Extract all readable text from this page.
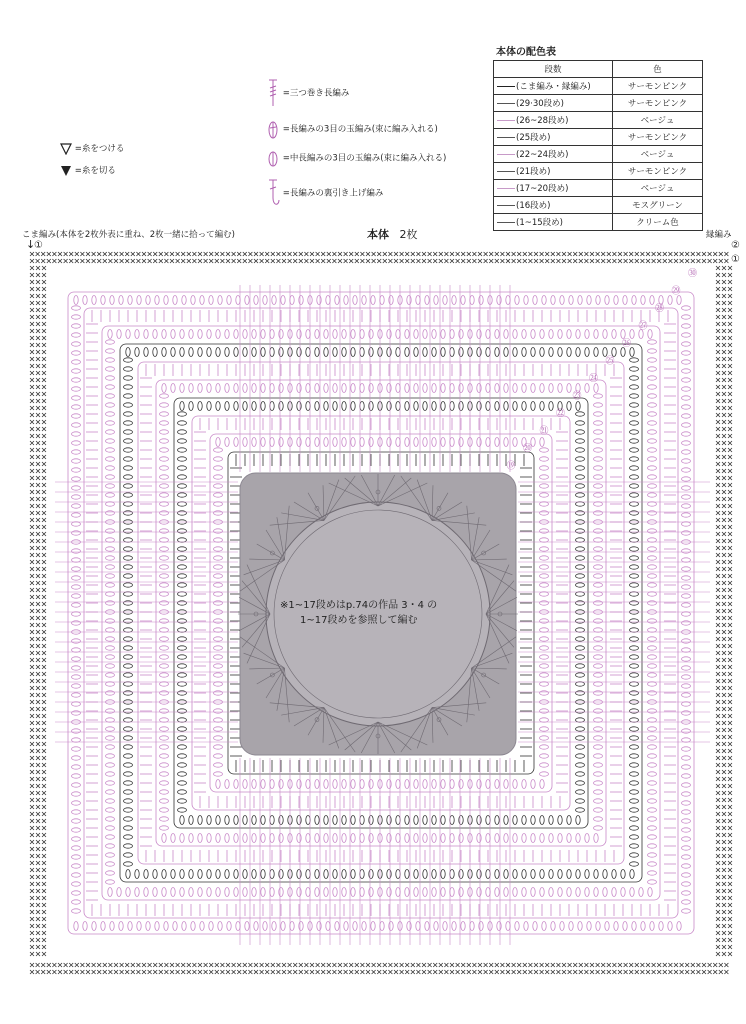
本体の配色表
段数	色
(こま編み・縁編み)	サーモンピンク
(29·30段め)	サーモンピンク
(26~28段め)	ベージュ
(25段め)	サーモンピンク
(22~24段め)	ベージュ
(21段め)	サーモンピンク
(17~20段め)	ベージュ
(16段め)	モスグリーン
(1~15段め)	クリーム色
=糸をつける
=糸を切る
=三つ巻き長編み
=長編みの3目の玉編み(束に編み入れる)
=中長編みの3目の玉編み(束に編み入れる)
=長編みの裏引き上げ編み
本体 2枚
こま編み(本体を2枚外表に重ね、2枚一緒に拾って編む)
↓
①
縁編み
②
①
㉚
㉙
㉘
㉗
㉖
㉕
㉔
㉓
㉒
㉑
⑳
⑲
※1~17段めはp.74の作品 3・4 の
1~17段めを参照して編む
